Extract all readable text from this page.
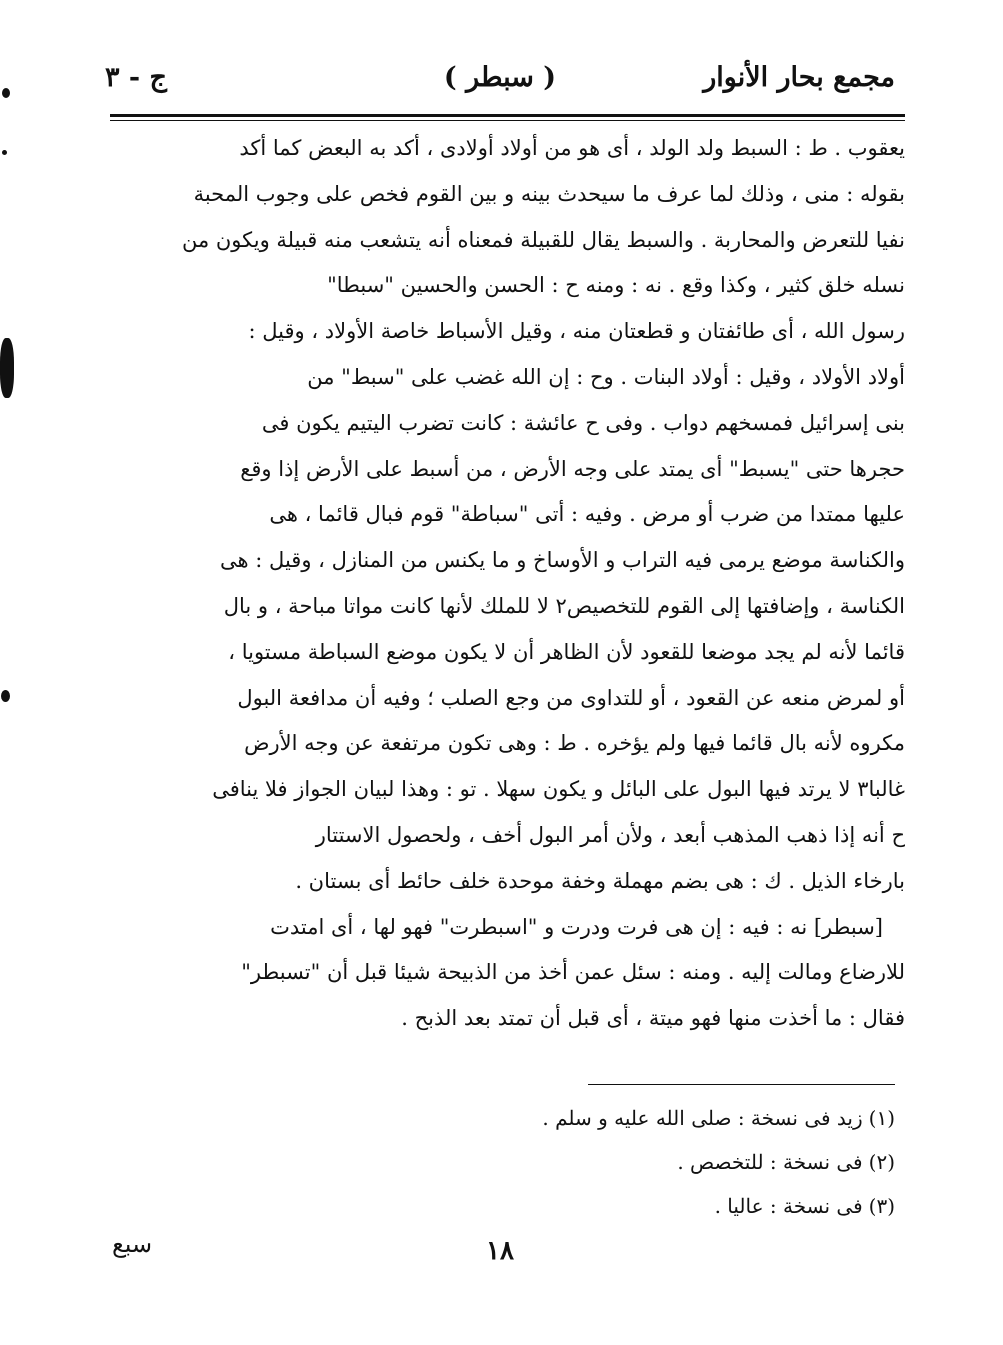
مجمع بحار الأنوار
( سبطر )
ج - ٣
يعقوب . ط : السبط ولد الولد ، أى هو من أولاد أولادى ، أكد به البعض كما أكد
بقوله : منى ، وذلك لما عرف ما سيحدث بينه و بين القوم فخص على وجوب المحبة
نفيا للتعرض والمحاربة . والسبط يقال للقبيلة فمعناه أنه يتشعب منه قبيلة ويكون من
نسله خلق كثير ، وكذا وقع . نه : ومنه ح : الحسن والحسين "سبطا"
رسول الله ، أى طائفتان و قطعتان منه ، وقيل الأسباط خاصة الأولاد ، وقيل :
أولاد الأولاد ، وقيل : أولاد البنات . وح : إن الله غضب على "سبط" من
بنى إسرائيل فمسخهم دواب . وفى ح عائشة : كانت تضرب اليتيم يكون فى
حجرها حتى "يسبط" أى يمتد على وجه الأرض ، من أسبط على الأرض إذا وقع
عليها ممتدا من ضرب أو مرض . وفيه : أتى "سباطة" قوم فبال قائما ، هى
والكناسة موضع يرمى فيه التراب و الأوساخ و ما يكنس من المنازل ، وقيل : هى
الكناسة ، وإضافتها إلى القوم للتخصيص٢ لا للملك لأنها كانت مواتا مباحة ، و بال
قائما لأنه لم يجد موضعا للقعود لأن الظاهر أن لا يكون موضع السباطة مستويا ،
أو لمرض منعه عن القعود ، أو للتداوى من وجع الصلب ؛ وفيه أن مدافعة البول
مكروه لأنه بال قائما فيها ولم يؤخره . ط : وهى تكون مرتفعة عن وجه الأرض
غالبا٣ لا يرتد فيها البول على البائل و يكون سهلا . تو : وهذا لبيان الجواز فلا ينافى
ح أنه إذا ذهب المذهب أبعد ، ولأن أمر البول أخف ، ولحصول الاستتار
بارخاء الذيل . ك : هى بضم مهملة وخفة موحدة خلف حائط أى بستان .
[سبطر] نه : فيه : إن هى فرت ودرت و "اسبطرت" فهو لها ، أى امتدت
للارضاع ومالت إليه . ومنه : سئل عمن أخذ من الذبيحة شيئا قبل أن "تسبطر"
فقال : ما أخذت منها فهو ميتة ، أى قبل أن تمتد بعد الذبح .
(١)زيد فى نسخة : صلى الله عليه و سلم .
(٢)فى نسخة : للتخصص .
(٣)فى نسخة : عاليا .
١٨
سبع
